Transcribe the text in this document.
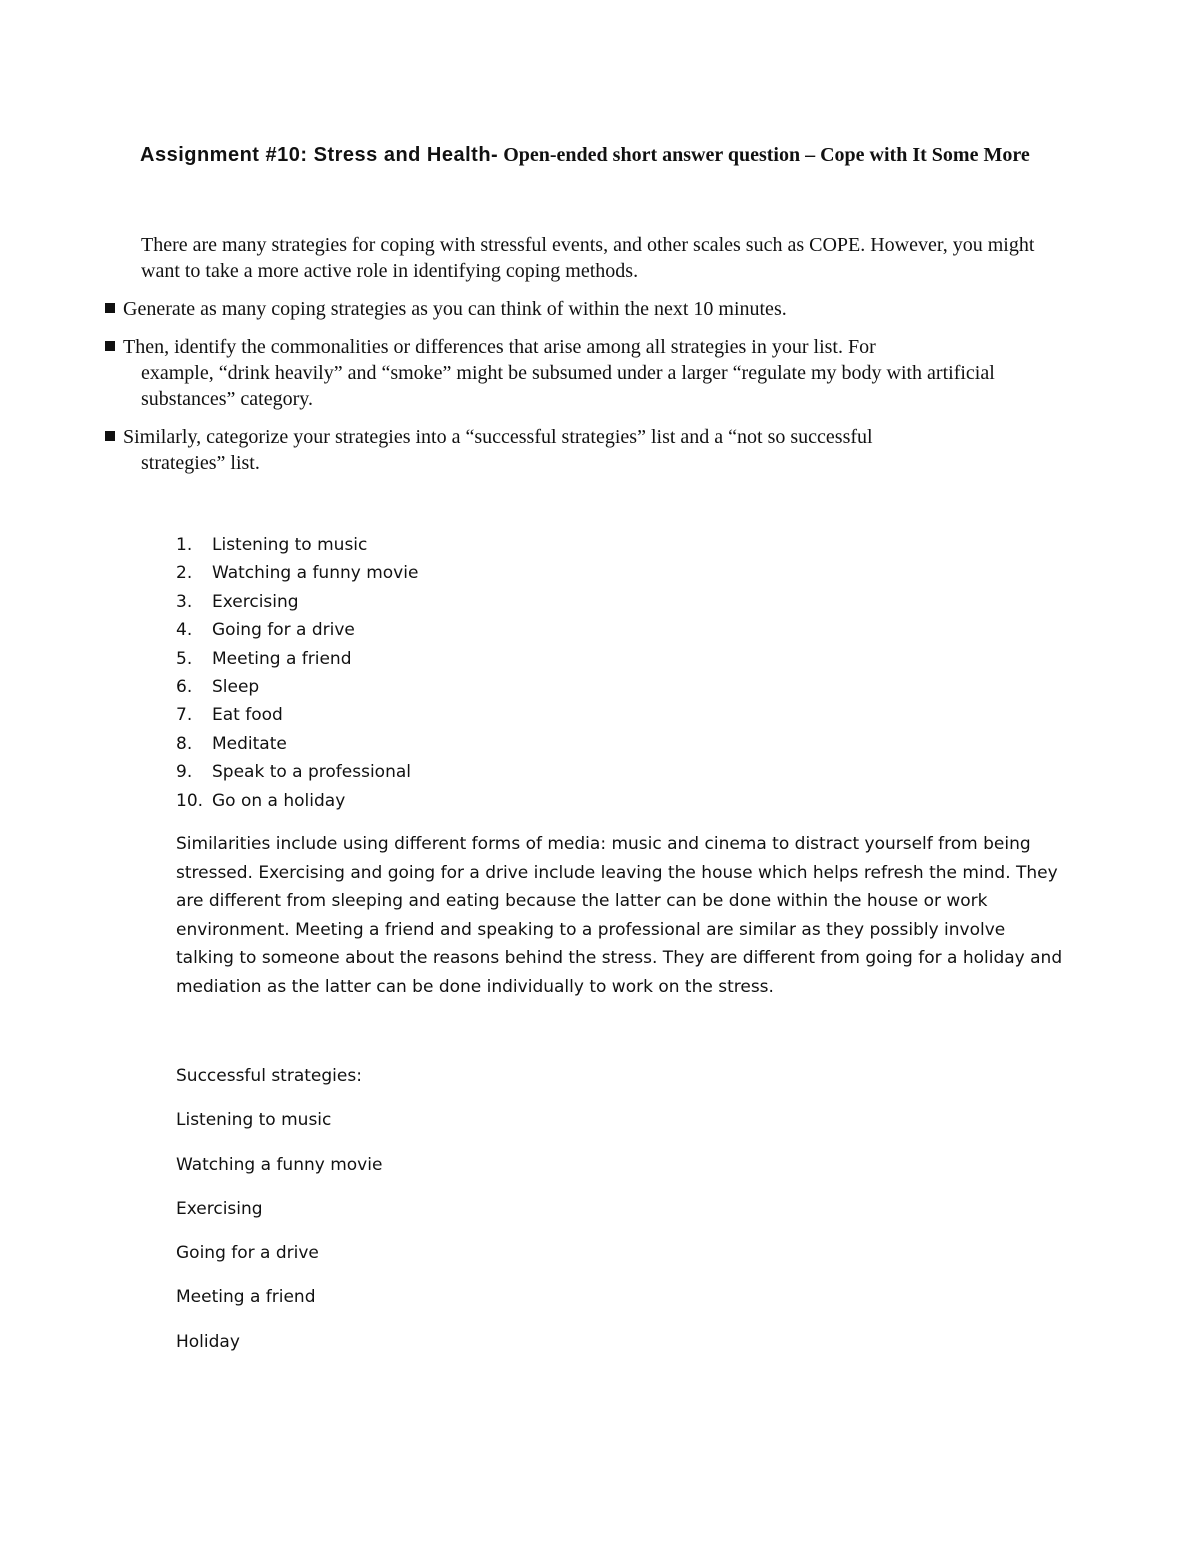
Assignment #10: Stress and Health- Open-ended short answer question – Cope with It Some More
There are many strategies for coping with stressful events, and other scales such as COPE. However, you might want to take a more active role in identifying coping methods.
Generate as many coping strategies as you can think of within the next 10 minutes.
Then, identify the commonalities or differences that arise among all strategies in your list. For
example, “drink heavily” and “smoke” might be subsumed under a larger “regulate my body with artificial substances” category.
Similarly, categorize your strategies into a “successful strategies” list and a “not so successful
strategies” list.
1. Listening to music
2. Watching a funny movie
3. Exercising
4. Going for a drive
5. Meeting a friend
6. Sleep
7. Eat food
8. Meditate
9. Speak to a professional
10. Go on a holiday
Similarities include using different forms of media: music and cinema to distract yourself from being stressed. Exercising and going for a drive include leaving the house which helps refresh the mind. They are different from sleeping and eating because the latter can be done within the house or work environment. Meeting a friend and speaking to a professional are similar as they possibly involve talking to someone about the reasons behind the stress. They are different from going for a holiday and mediation as the latter can be done individually to work on the stress.
Successful strategies:
Listening to music
Watching a funny movie
Exercising
Going for a drive
Meeting a friend
Holiday
